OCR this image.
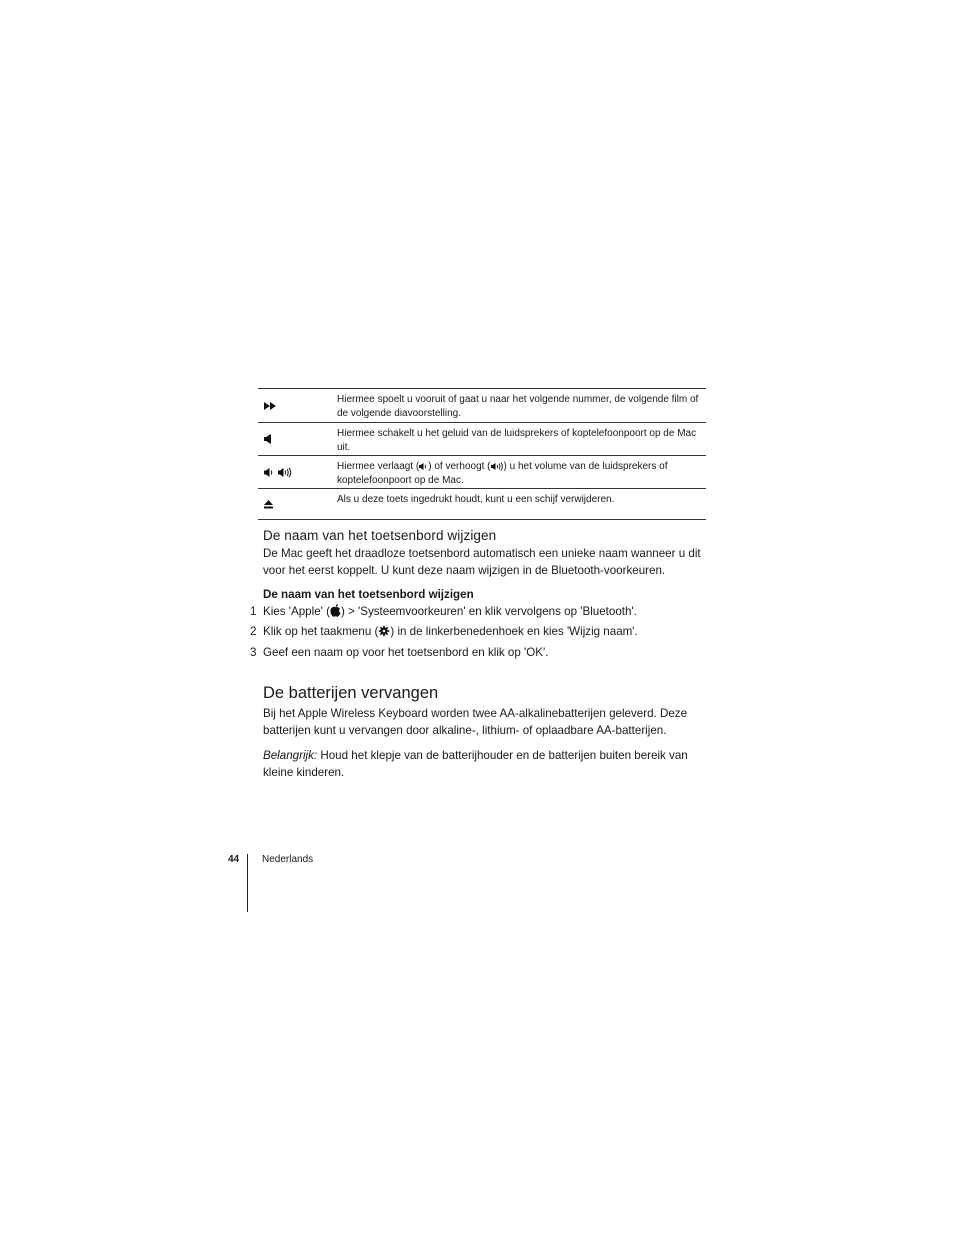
Hiermee spoelt u vooruit of gaat u naar het volgende nummer, de volgende film of de volgende diavoorstelling.
Hiermee schakelt u het geluid van de luidsprekers of koptelefoonpoort op de Mac uit.
Hiermee verlaagt ( ) of verhoogt ( ) u het volume van de luidsprekers of koptelefoonpoort op de Mac.
Als u deze toets ingedrukt houdt, kunt u een schijf verwijderen.
De naam van het toetsenbord wijzigen

De Mac geeft het draadloze toetsenbord automatisch een unieke naam wanneer u dit voor het eerst koppelt. U kunt deze naam wijzigen in de Bluetooth-voorkeuren.

De naam van het toetsenbord wijzigen

1 Kies 'Apple' ( ) > 'Systeemvoorkeuren' en klik vervolgens op 'Bluetooth'.
2 Klik op het taakmenu ( ) in de linkerbenedenhoek en kies 'Wijzig naam'.
3 Geef een naam op voor het toetsenbord en klik op 'OK'.
De batterijen vervangen

Bij het Apple Wireless Keyboard worden twee AA-alkalinebatterijen geleverd. Deze batterijen kunt u vervangen door alkaline-, lithium- of oplaadbare AA-batterijen.

Belangrijk: Houd het klepje van de batterijhouder en de batterijen buiten bereik van kleine kinderen.

44 Nederlands
